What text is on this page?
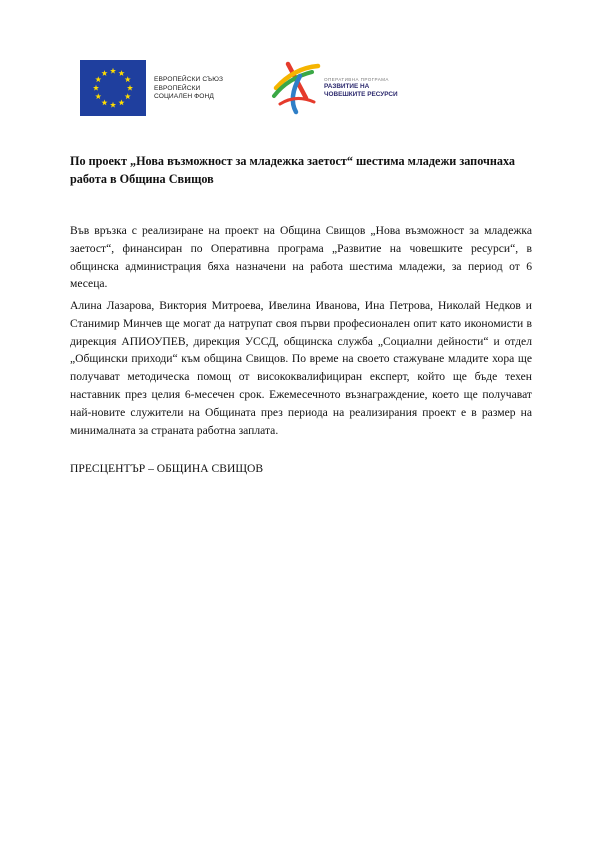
ЕВРОПЕЙСКИ СЪЮЗ
ЕВРОПЕЙСКИ
СОЦИАЛЕН ФОНД
ОПЕРАТИВНА ПРОГРАМА
РАЗВИТИЕ НА
ЧОВЕШКИТЕ РЕСУРСИ

По проект „Нова възможност за младежка заетост“ шестима младежи започнаха работа в Община Свищов

Във връзка с реализиране на проект на Община Свищов „Нова възможност за младежка заетост“, финансиран по Оперативна програма „Развитие на човешките ресурси“, в общинска администрация бяха назначени на работа шестима младежи, за период от 6 месеца.

Алина Лазарова, Виктория Митроева, Ивелина Иванова, Ина Петрова, Николай Недков и Станимир Минчев ще могат да натрупат своя първи професионален опит като икономисти в дирекция АПИОУПЕВ, дирекция УССД, общинска служба „Социални дейности“ и отдел „Общински приходи“ към община Свищов. По време на своето стажуване младите хора ще получават методическа помощ от висококвалифициран експерт, който ще бъде техен наставник през целия 6-месечен срок. Ежемесечното възнаграждение, което ще получават най-новите служители на Общината през периода на реализирания проект е в размер на минималната за страната работна заплата.

ПРЕСЦЕНТЪР – ОБЩИНА СВИЩОВ
